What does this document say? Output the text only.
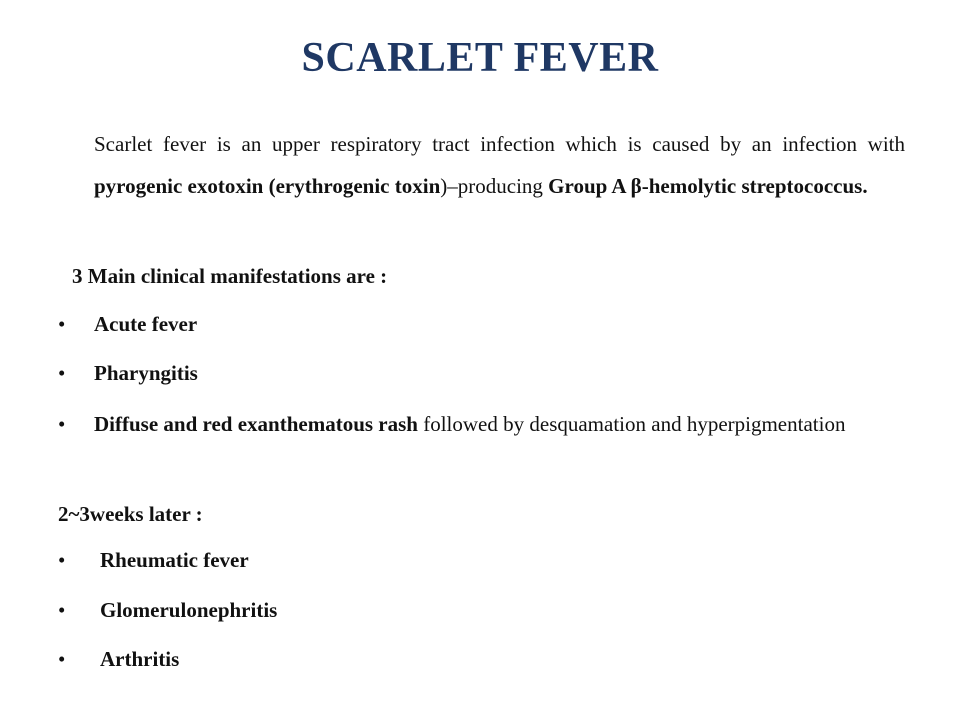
SCARLET FEVER

Scarlet fever is an upper respiratory tract infection which is caused by an infection with pyrogenic exotoxin (erythrogenic toxin)–producing Group A β-hemolytic streptococcus.

3 Main clinical manifestations are :

• Acute fever
• Pharyngitis
• Diffuse and red exanthematous rash followed by desquamation and hyperpigmentation

2~3weeks later :

• Rheumatic fever
• Glomerulonephritis
• Arthritis
